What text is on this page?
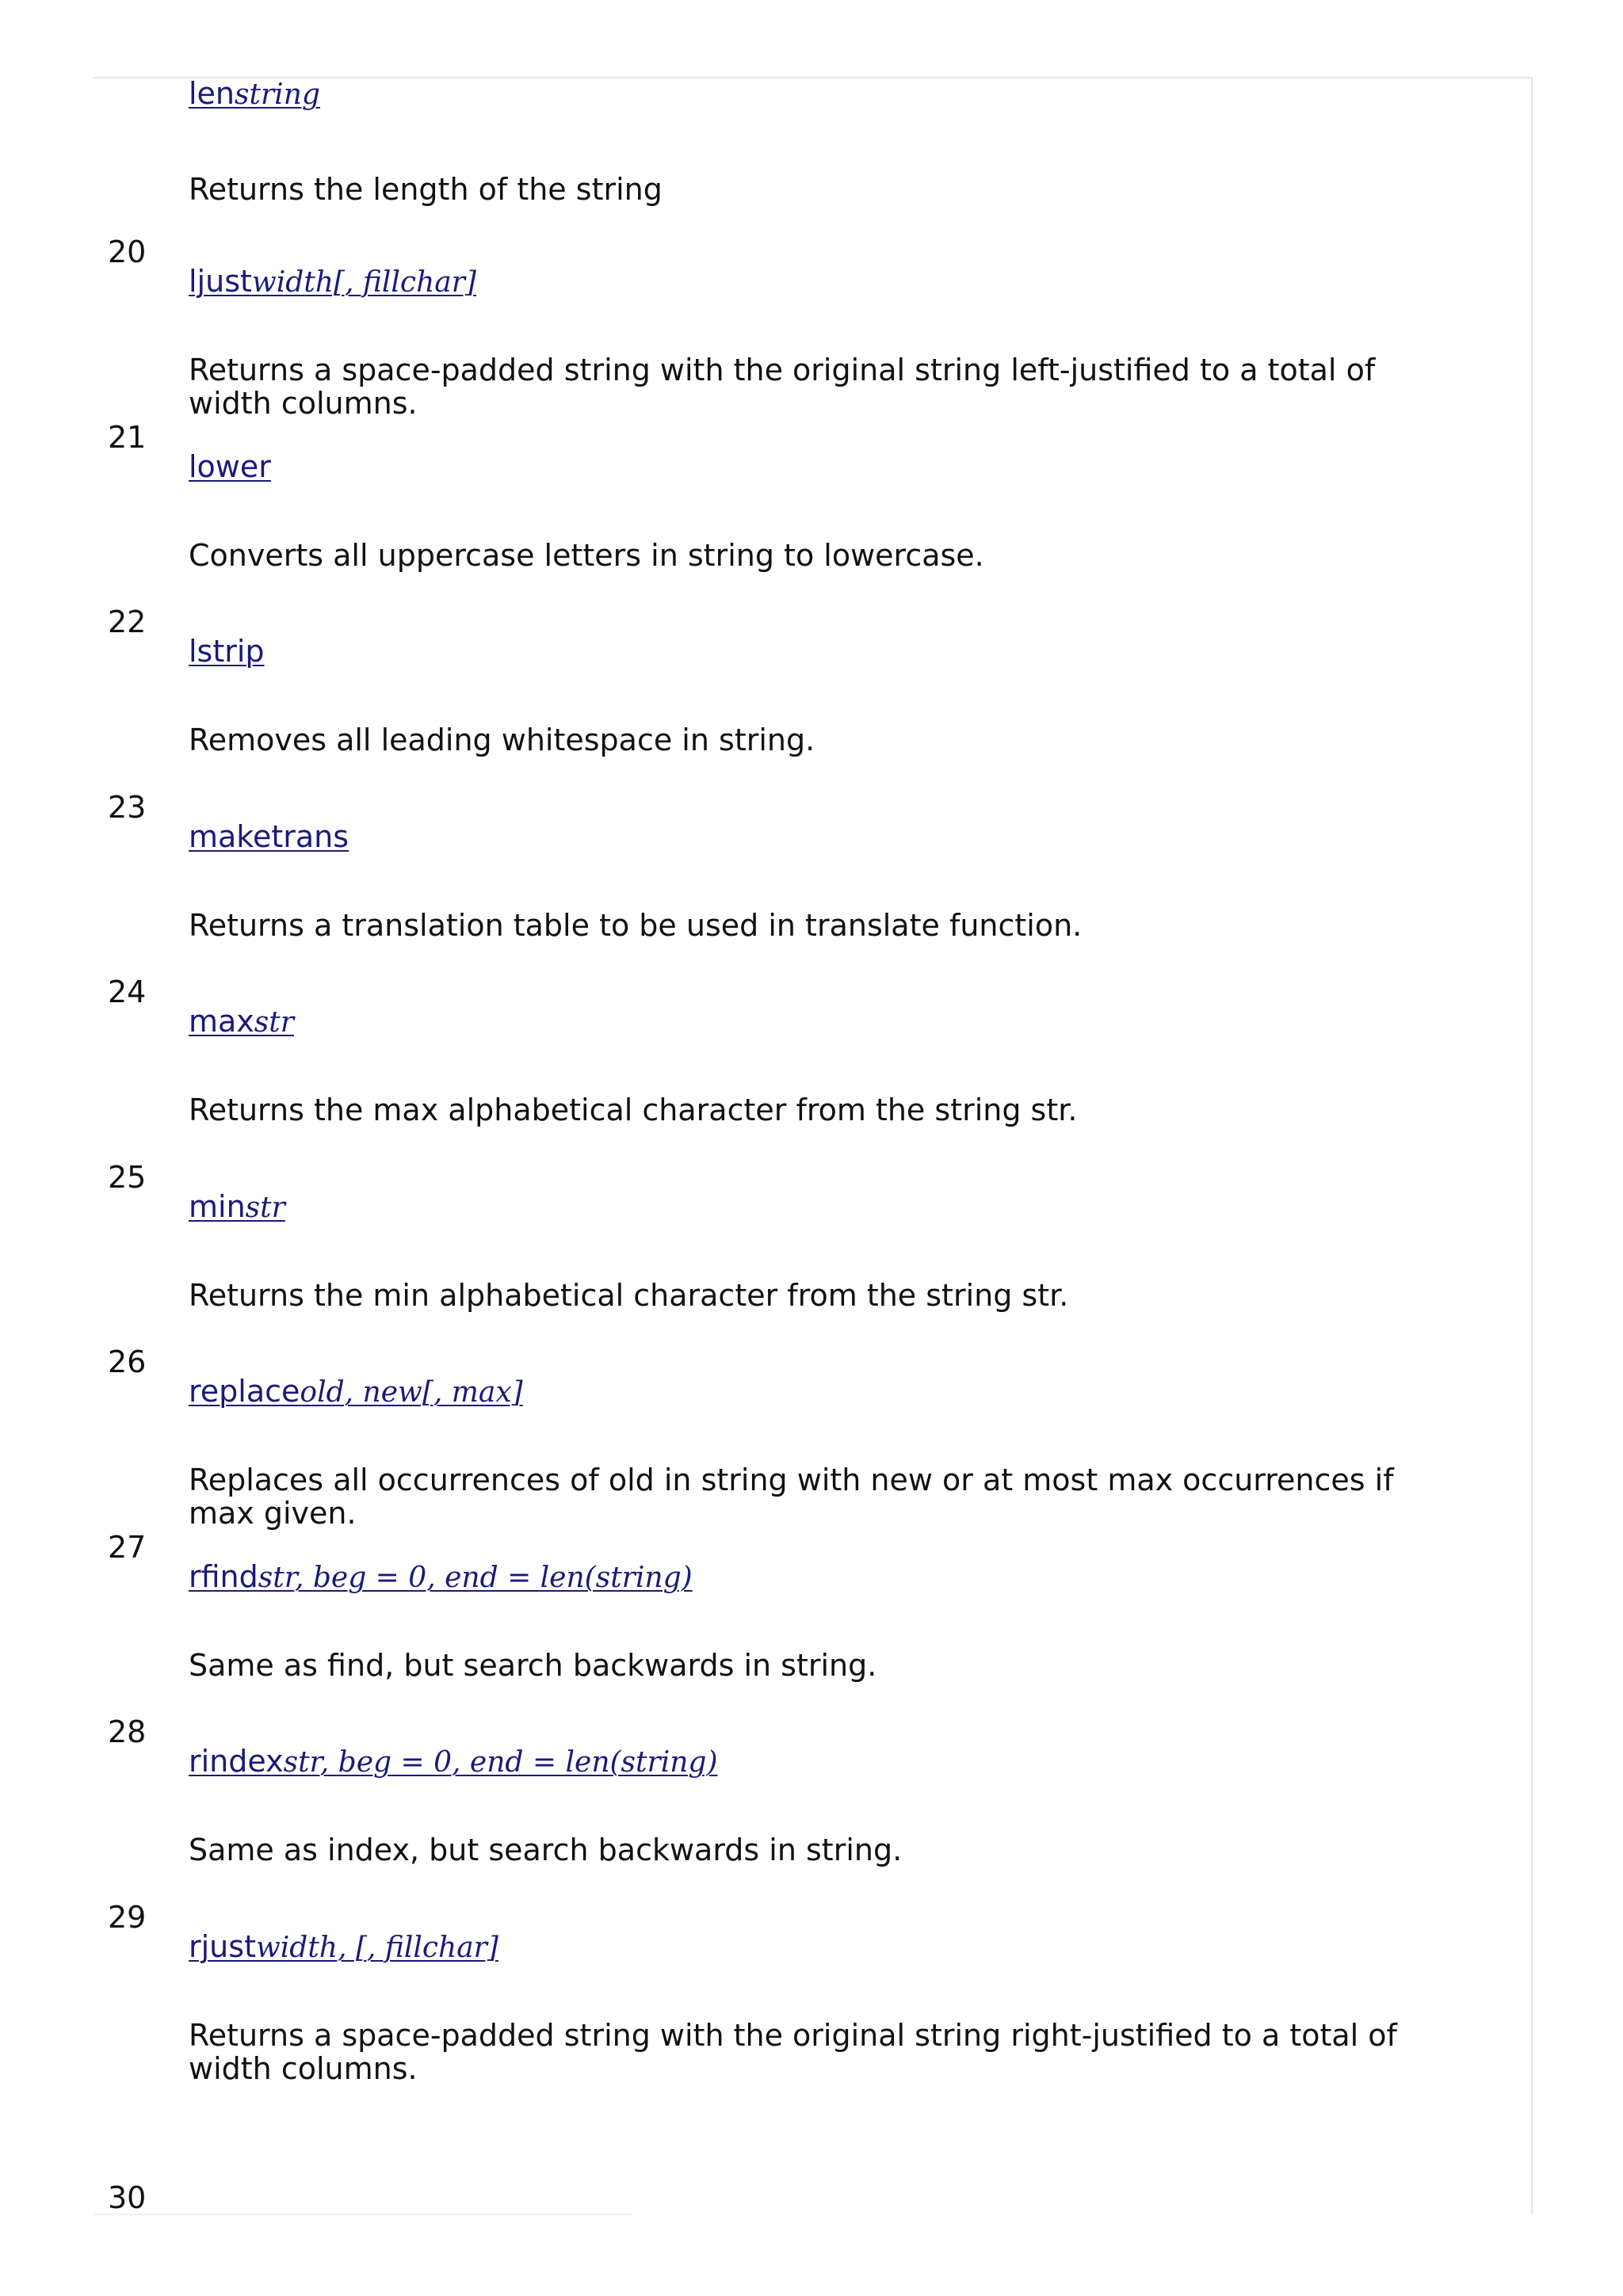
lenstring
Returns the length of the string
20
ljustwidth[, fillchar]
Returns a space-padded string with the original string left-justified to a total of width columns.
21
lower
Converts all uppercase letters in string to lowercase.
22
lstrip
Removes all leading whitespace in string.
23
maketrans
Returns a translation table to be used in translate function.
24
maxstr
Returns the max alphabetical character from the string str.
25
minstr
Returns the min alphabetical character from the string str.
26
replaceold, new[, max]
Replaces all occurrences of old in string with new or at most max occurrences if max given.
27
rfindstr, beg = 0, end = len(string)
Same as find, but search backwards in string.
28
rindexstr, beg = 0, end = len(string)
Same as index, but search backwards in string.
29
rjustwidth, [, fillchar]
Returns a space-padded string with the original string right-justified to a total of width columns.
30
